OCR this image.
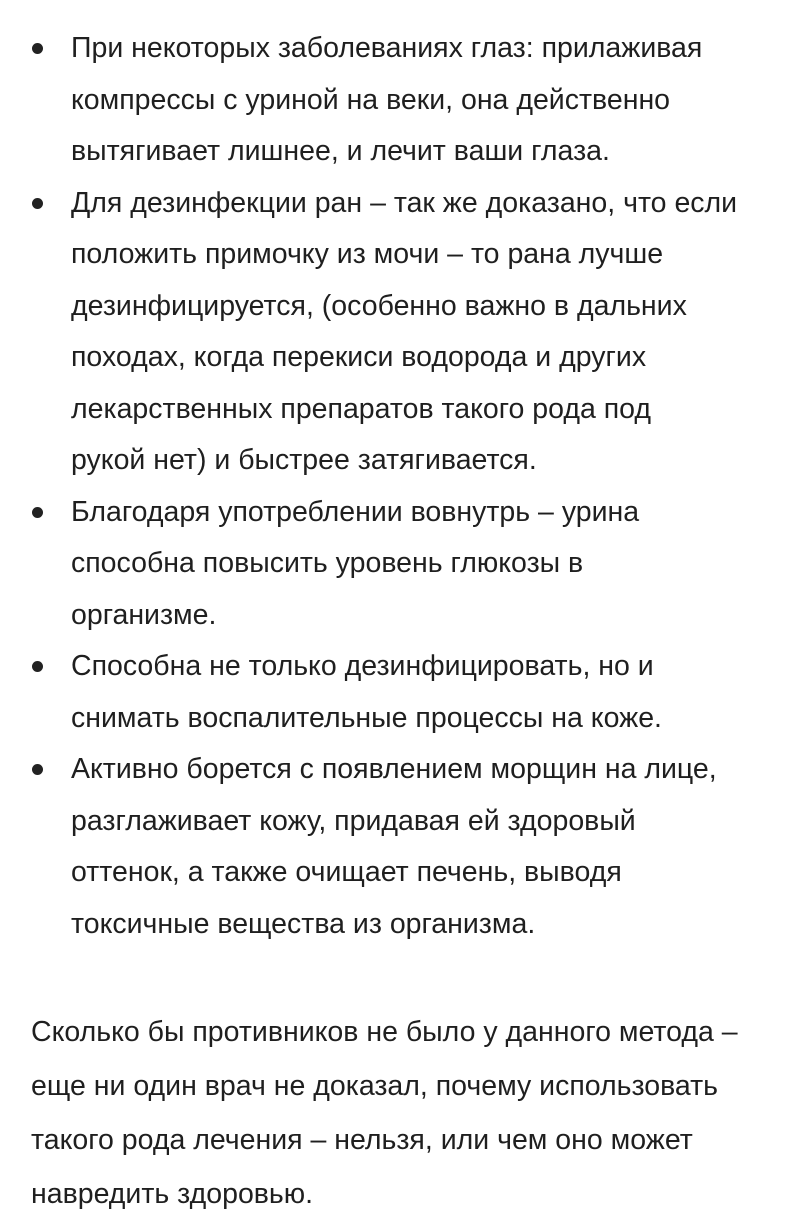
При некоторых заболеваниях глаз: прилаживая
компрессы с уриной на веки, она действенно
вытягивает лишнее, и лечит ваши глаза.
Для дезинфекции ран – так же доказано, что если
положить примочку из мочи – то рана лучше
дезинфицируется, (особенно важно в дальних
походах, когда перекиси водорода и других
лекарственных препаратов такого рода под
рукой нет) и быстрее затягивается.
Благодаря употреблении вовнутрь – урина
способна повысить уровень глюкозы в
организме.
Способна не только дезинфицировать, но и
снимать воспалительные процессы на коже.
Активно борется с появлением морщин на лице,
разглаживает кожу, придавая ей здоровый
оттенок, а также очищает печень, выводя
токсичные вещества из организма.

Сколько бы противников не было у данного метода –
еще ни один врач не доказал, почему использовать
такого рода лечения – нельзя, или чем оно может
навредить здоровью.
